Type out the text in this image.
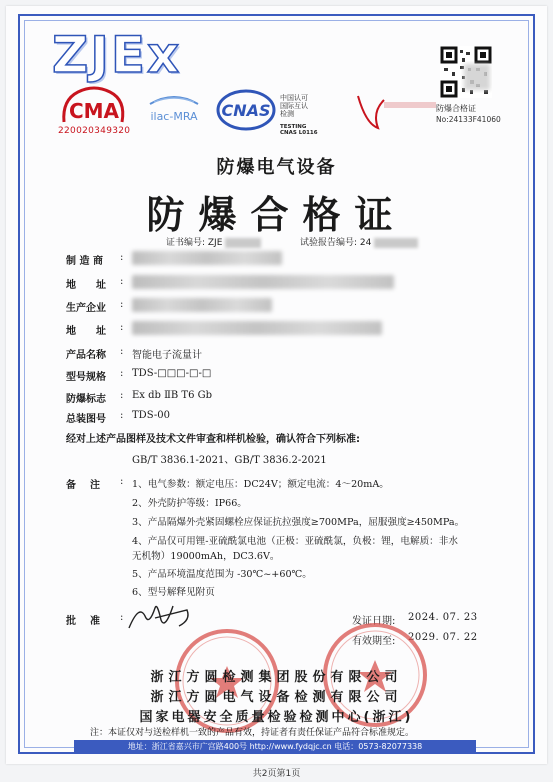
ZJEx
CMA
220020349320
ilac-MRA CNAS
中国认可
国际互认
检测
TESTING
CNAS L0116
防爆合格证
No:24133F41060
防爆电气设备
防爆合格证
证书编号: ZJE	试验报告编号: 24
制 造 商 :
地　　址 :
生产企业 :
地　　址 :
产品名称 : 智能电子流量计
型号规格 : TDS-□□□-□-□
防爆标志 : Ex db ⅡB T6 Gb
总装图号 : TDS-00
经对上述产品图样及技术文件审查和样机检验，确认符合下列标准:
GB/T 3836.1-2021、GB/T 3836.2-2021
备注 : 1、电气参数：额定电压：DC24V；额定电流：4～20mA。
2、外壳防护等级：IP66。
3、产品隔爆外壳紧固螺栓应保证抗拉强度≥700MPa，屈服强度≥450MPa。
4、产品仅可用锂-亚硫酰氯电池（正极：亚硫酰氯，负极：锂，电解质：非水
无机物）19000mAh，DC3.6V。
5、产品环境温度范围为 -30℃~+60℃。
6、型号解释见附页
批准 :	发证日期: 2024. 07. 23
有效期至: 2029. 07. 22
浙江方圆检测集团股份有限公司
浙江方圆电气设备检测有限公司
国家电器安全质量检验检测中心(浙江)
注：本证仅对与送检样机一致的产品有效，持证者有责任保证产品符合标准规定。
地址：浙江省嘉兴市广宫路400号 http://www.fydqjc.cn 电话：0573-82077338
共2页第1页
